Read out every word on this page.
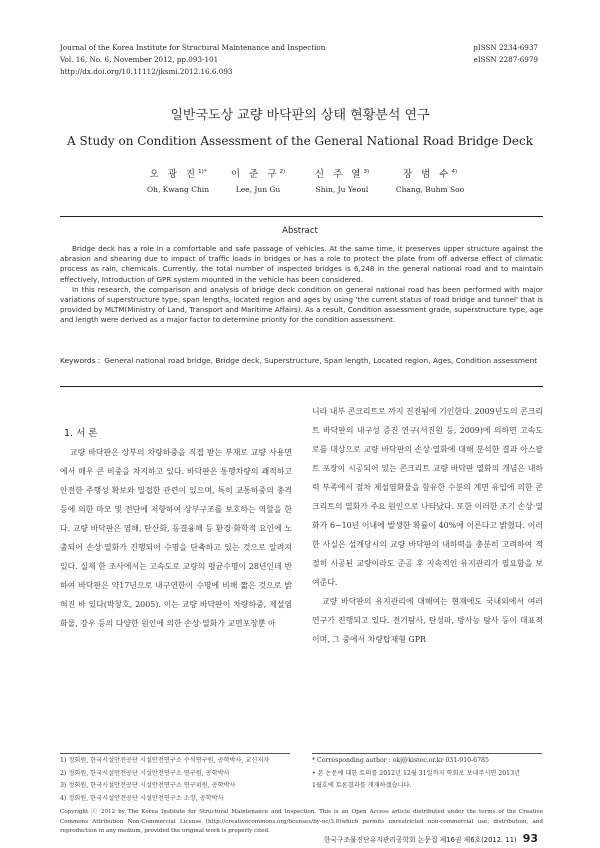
Journal of the Korea Institute for Structural Maintenance and Inspection
Vol. 16, No. 6, November 2012, pp.093-101
http://dx.doi.org/10.11112/jksmi.2012.16.6.093
pISSN 2234-6937
eISSN 2287-6979
일반국도상 교량 바닥판의 상태 현황분석 연구
A Study on Condition Assessment of the General National Road Bridge Deck
오 광 진$^{1)*}$
Oh, Kwang Chin
이 준 구$^{2)}$
Lee, Jun Gu
신 주 열$^{3)}$
Shin, Ju Yeoul
장 범 수$^{4)}$
Chang, Buhm Soo
Abstract

Bridge deck has a role in a comfortable and safe passage of vehicles. At the same time, it preserves upper structure against the abrasion and shearing due to impact of traffic loads in bridges or has a role to protect the plate from off adverse effect of climatic process as rain, chemicals. Currently, the total number of inspected bridges is 6,248 in the general national road and to maintain effectively, Introduction of GPR system mounted in the vehicle has been considered.

In this research, the comparison and analysis of bridge deck condition on general national road has been performed with major variations of superstructure type, span lengths, located region and ages by using 'the current status of road bridge and tunnel' that is provided by MLTM(Ministry of Land, Transport and Maritime Affairs). As a result, Condition assessment grade, superstructure type, age and length were derived as a major factor to determine priority for the condition assessment.

Keywords : General national road bridge, Bridge deck, Superstructure, Span length, Located region, Ages, Condition assessment
1. 서 론

교량 바닥판은 상부의 차량하중을 직접 받는 부재로 교량 사용면에서 매우 큰 비중을 차지하고 있다. 바닥판은 통행차량의 쾌적하고 안전한 주행성 확보와 밀접한 관련이 있으며, 특히 교통하중의 충격 등에 의한 마모 및 전단에 저항하여 상부구조를 보호하는 역할을 한다. 교량 바닥판은 염해, 탄산화, 동결융해 등 환경·화학적 요인에 노출되어 손상·열화가 진행되어 수명을 단축하고 있는 것으로 알려져 있다. 실제 한 조사에서는 고속도로 교량의 평균수명이 28년인데 반하여 바닥판은 약17년으로 내구연한이 수명에 비해 짧은 것으로 밝혀진 바 있다(박창호, 2005). 이는 교량 바닥판이 차량하중, 제설염화물, 강우 등의 다양한 원인에 의한 손상·열화가 교면포장뿐 아

니라 내부 콘크리트로 까지 진전됨에 기인한다. 2009년도의 콘크리트 바닥판의 내구성 증진 연구(서진원 등, 2009)에 의하면 고속도로를 대상으로 교량 바닥판의 손상·열화에 대해 분석한 결과 아스팔트 포장이 시공되어 있는 콘크리트 교량 바닥판 열화의 개념은 내하력 부족에서 점차 제설염화물을 함유한 수분의 계면 유입에 의한 콘크리트의 열화가 주요 원인으로 나타났다. 또한 이러한 조기 손상·열화가 6~10년 이내에 발생한 확률이 40%에 이른다고 밝혔다. 이러한 사실은 설계당시의 교량 바닥판의 내하력을 충분히 고려하여 적절히 시공된 교량이라도 준공 후 지속적인 유지관리가 필요함을 보여준다.

교량 바닥판의 유지관리에 대해여는 현재에도 국내외에서 여러 연구가 진행되고 있다. 전기탐사, 탄성파, 방사능 탐사 등이 대표적이며, 그 중에서 차량탑재형 GPR

1) 정회원, 한국시설안전공단 시설안전연구소 수석연구원, 공학박사, 교신저자
2) 정회원, 한국시설안전공단 시설안전연구소 연구원, 공학박사
3) 정회원, 한국시설안전공단 시설안전연구소 연구위원, 공학박사
4) 정회원, 한국시설안전공단 시설안전연구소 소장, 공학박사
* Corresponding author : okj@kistec.or.kr 031-910-6785
• 본 논문에 대한 토의를 2012년 12월 31일까지 학회로 보내주시면 2013년
1월호에 토론결과를 게재하겠습니다.
Copyright ⓒ 2012 by The Korea Institute for Structural Maintenance and Inspection. This is an Open Access article distributed under the terms of the Creative Commons Attribution Non-Commercial License (http://creativecommons.org/licenses/by-nc/3.0)which permits unrestricted non-commercial use, distribution, and reproduction in any medium, provided the original work is properly cited.
한국구조물진단유지관리공학회 논문집 제16권 제6호(2012. 11) 93
